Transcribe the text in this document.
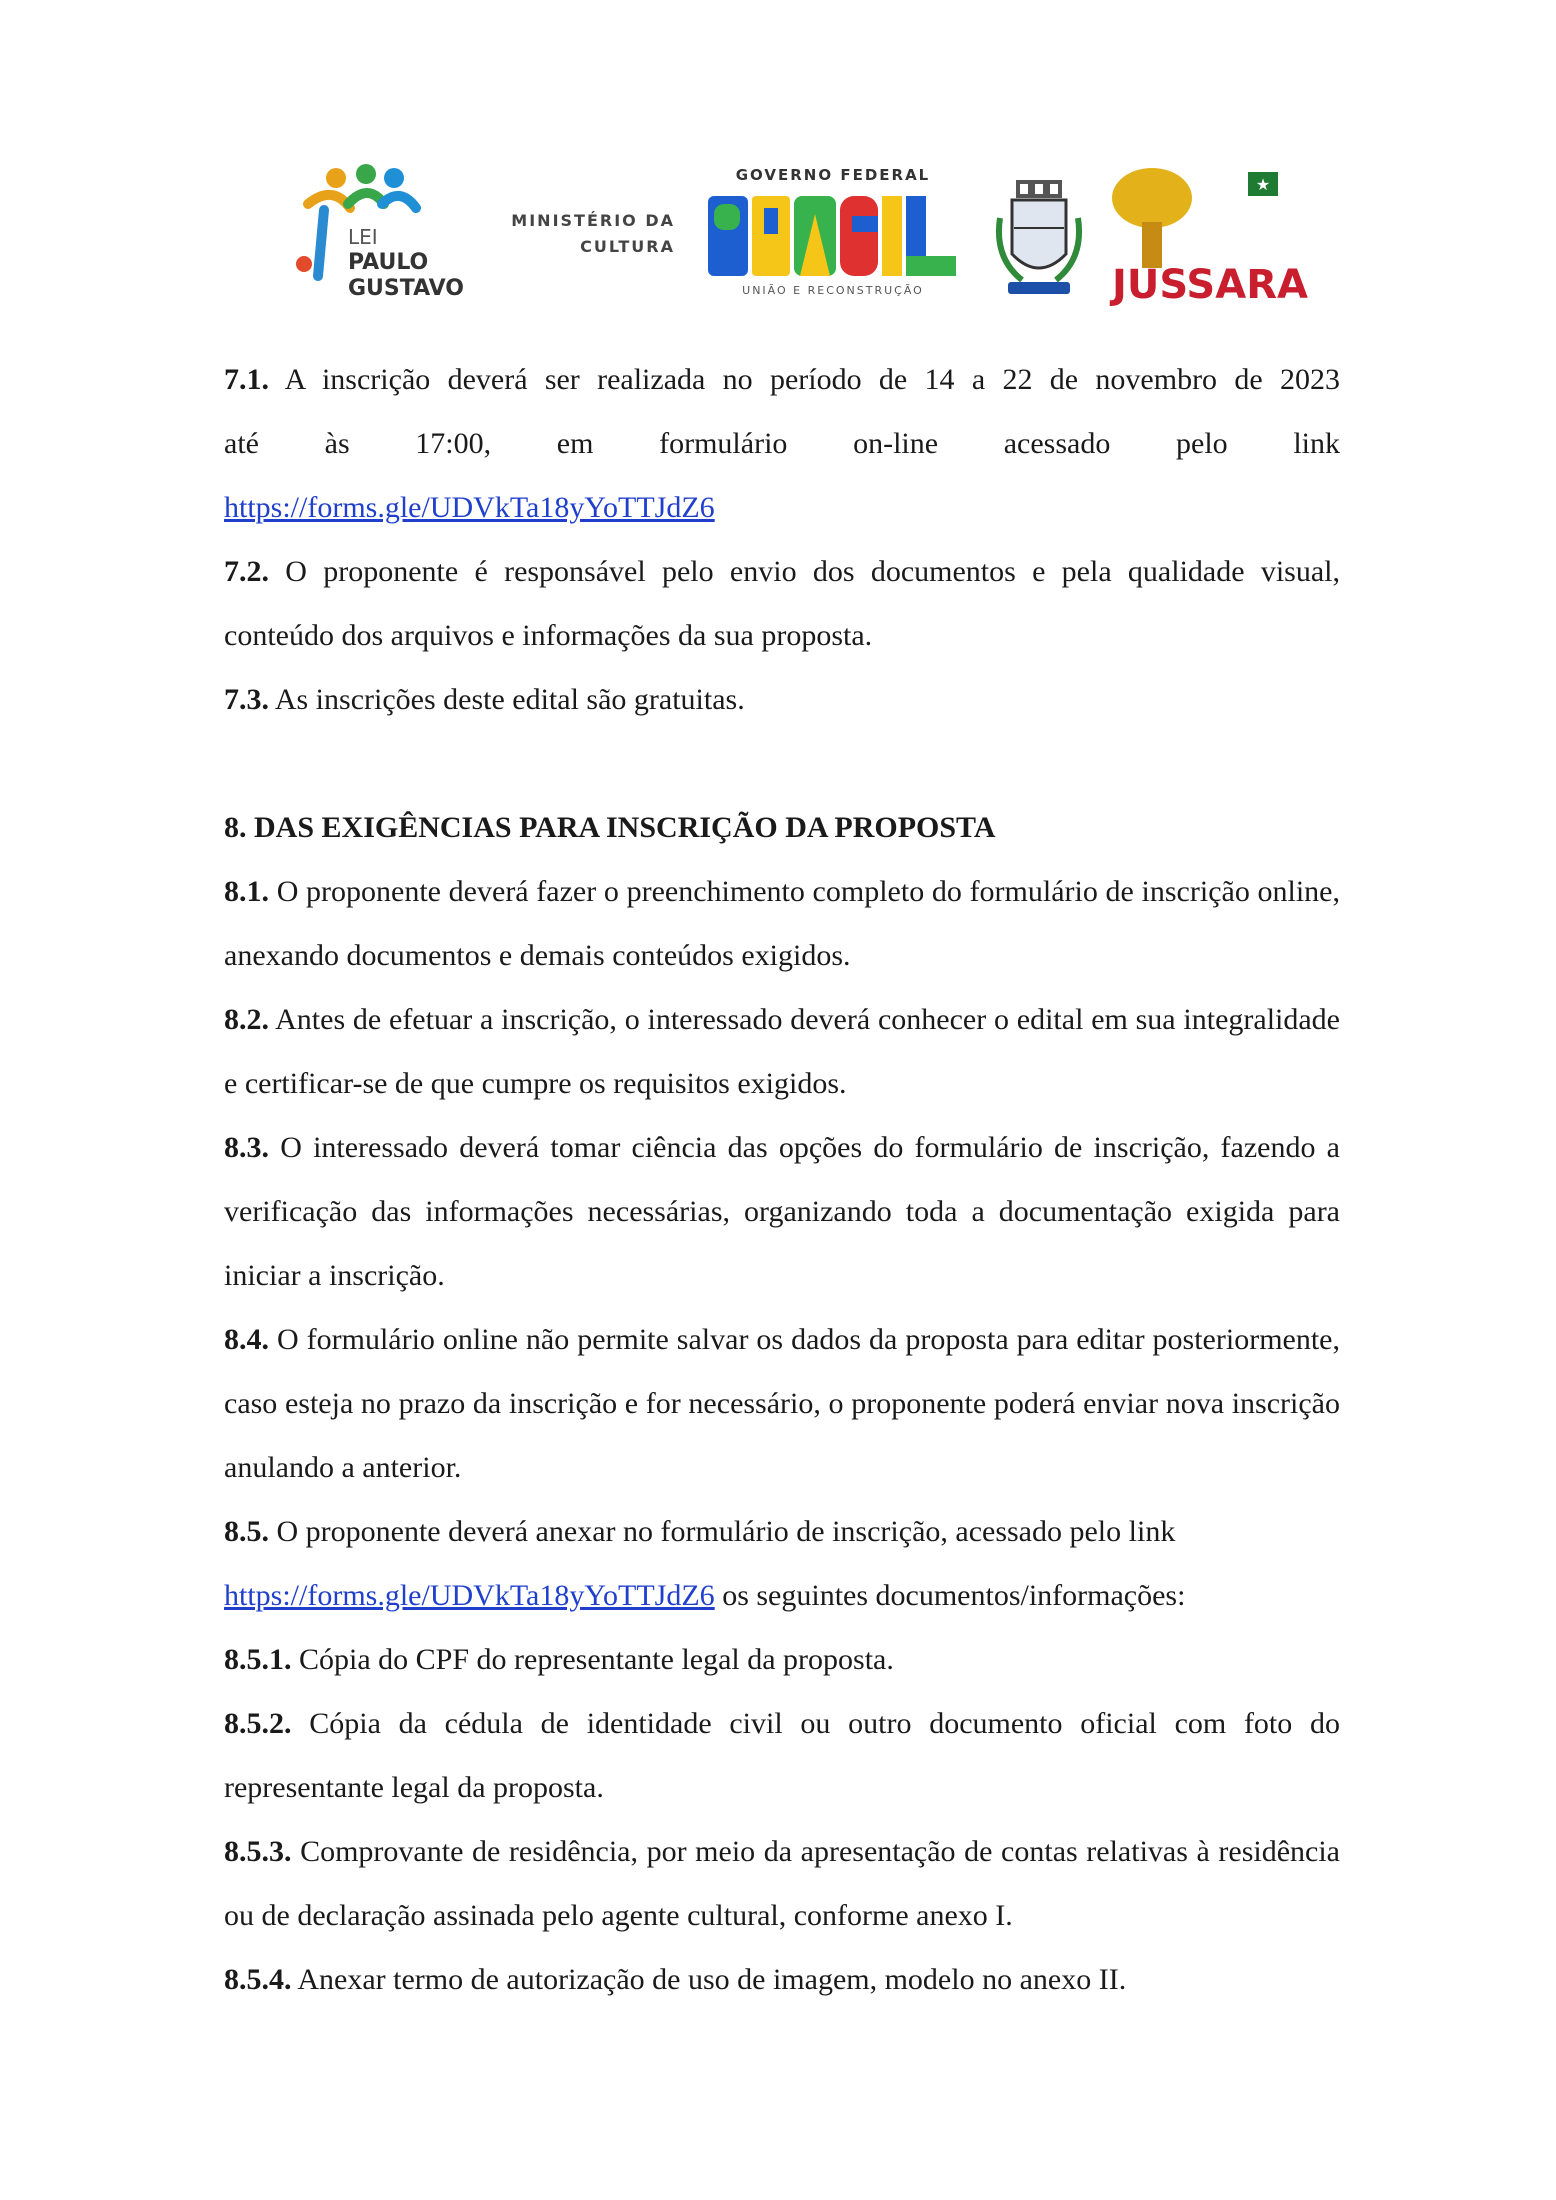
LEI
PAULO
GUSTAVO
MINISTÉRIO DA
CULTURA
GOVERNO FEDERAL
UNIÃO E RECONSTRUÇÃO
★
JUSSARA

7.1. A inscrição deverá ser realizada no período de 14 a 22 de novembro de 2023

até às 17:00, em formulário on-line acessado pelo link

https://forms.gle/UDVkTa18yYoTTJdZ6

7.2. O proponente é responsável pelo envio dos documentos e pela qualidade visual, conteúdo dos arquivos e informações da sua proposta.

7.3. As inscrições deste edital são gratuitas.

8. DAS EXIGÊNCIAS PARA INSCRIÇÃO DA PROPOSTA

8.1. O proponente deverá fazer o preenchimento completo do formulário de inscrição online, anexando documentos e demais conteúdos exigidos.

8.2. Antes de efetuar a inscrição, o interessado deverá conhecer o edital em sua integralidade e certificar-se de que cumpre os requisitos exigidos.

8.3. O interessado deverá tomar ciência das opções do formulário de inscrição, fazendo a verificação das informações necessárias, organizando toda a documentação exigida para iniciar a inscrição.

8.4. O formulário online não permite salvar os dados da proposta para editar posteriormente, caso esteja no prazo da inscrição e for necessário, o proponente poderá enviar nova inscrição anulando a anterior.

8.5. O proponente deverá anexar no formulário de inscrição, acessado pelo link

https://forms.gle/UDVkTa18yYoTTJdZ6 os seguintes documentos/informações:

8.5.1. Cópia do CPF do representante legal da proposta.

8.5.2. Cópia da cédula de identidade civil ou outro documento oficial com foto do representante legal da proposta.

8.5.3. Comprovante de residência, por meio da apresentação de contas relativas à residência ou de declaração assinada pelo agente cultural, conforme anexo I.

8.5.4. Anexar termo de autorização de uso de imagem, modelo no anexo II.
